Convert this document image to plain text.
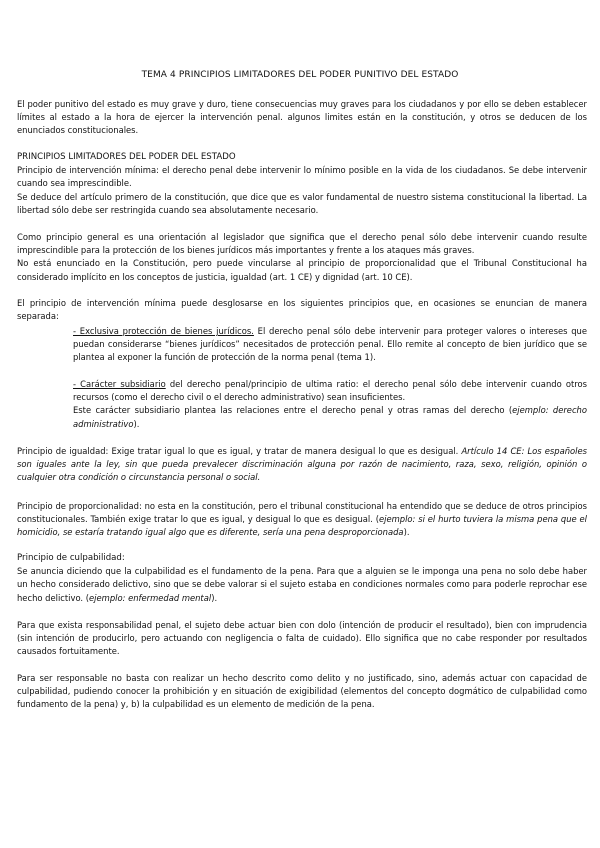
TEMA 4 PRINCIPIOS LIMITADORES DEL PODER PUNITIVO DEL ESTADO

El poder punitivo del estado es muy grave y duro, tiene consecuencias muy graves para los ciudadanos y por ello se deben establecer límites al estado a la hora de ejercer la intervención penal. algunos limites están en la constitución, y otros se deducen de los enunciados constitucionales.

PRINCIPIOS LIMITADORES DEL PODER DEL ESTADO

Principio de intervención mínima: el derecho penal debe intervenir lo mínimo posible en la vida de los ciudadanos. Se debe intervenir cuando sea imprescindible.

Se deduce del artículo primero de la constitución, que dice que es valor fundamental de nuestro sistema constitucional la libertad. La libertad sólo debe ser restringida cuando sea absolutamente necesario.

Como principio general es una orientación al legislador que significa que el derecho penal sólo debe intervenir cuando resulte imprescindible para la protección de los bienes jurídicos más importantes y frente a los ataques más graves.

No está enunciado en la Constitución, pero puede vincularse al principio de proporcionalidad que el Tribunal Constitucional ha considerado implícito en los conceptos de justicia, igualdad (art. 1 CE) y dignidad (art. 10 CE).

El principio de intervención mínima puede desglosarse en los siguientes principios que, en ocasiones se enuncian de manera separada:

- Exclusiva protección de bienes jurídicos. El derecho penal sólo debe intervenir para proteger valores o intereses que puedan considerarse “bienes jurídicos” necesitados de protección penal. Ello remite al concepto de bien jurídico que se plantea al exponer la función de protección de la norma penal (tema 1).

- Carácter subsidiario del derecho penal/principio de ultima ratio: el derecho penal sólo debe intervenir cuando otros recursos (como el derecho civil o el derecho administrativo) sean insuficientes.

Este carácter subsidiario plantea las relaciones entre el derecho penal y otras ramas del derecho (ejemplo: derecho administrativo).

Principio de igualdad: Exige tratar igual lo que es igual, y tratar de manera desigual lo que es desigual. Artículo 14 CE: Los españoles son iguales ante la ley, sin que pueda prevalecer discriminación alguna por razón de nacimiento, raza, sexo, religión, opinión o cualquier otra condición o circunstancia personal o social.

Principio de proporcionalidad: no esta en la constitución, pero el tribunal constitucional ha entendido que se deduce de otros principios constitucionales. También exige tratar lo que es igual, y desigual lo que es desigual. (ejemplo: si el hurto tuviera la misma pena que el homicidio, se estaría tratando igual algo que es diferente, sería una pena desproporcionada).

Principio de culpabilidad:

Se anuncia diciendo que la culpabilidad es el fundamento de la pena. Para que a alguien se le imponga una pena no solo debe haber un hecho considerado delictivo, sino que se debe valorar si el sujeto estaba en condiciones normales como para poderle reprochar ese hecho delictivo. (ejemplo: enfermedad mental).

Para que exista responsabilidad penal, el sujeto debe actuar bien con dolo (intención de producir el resultado), bien con imprudencia (sin intención de producirlo, pero actuando con negligencia o falta de cuidado). Ello significa que no cabe responder por resultados causados fortuitamente.

Para ser responsable no basta con realizar un hecho descrito como delito y no justificado, sino, además actuar con capacidad de culpabilidad, pudiendo conocer la prohibición y en situación de exigibilidad (elementos del concepto dogmático de culpabilidad como fundamento de la pena) y, b) la culpabilidad es un elemento de medición de la pena.
